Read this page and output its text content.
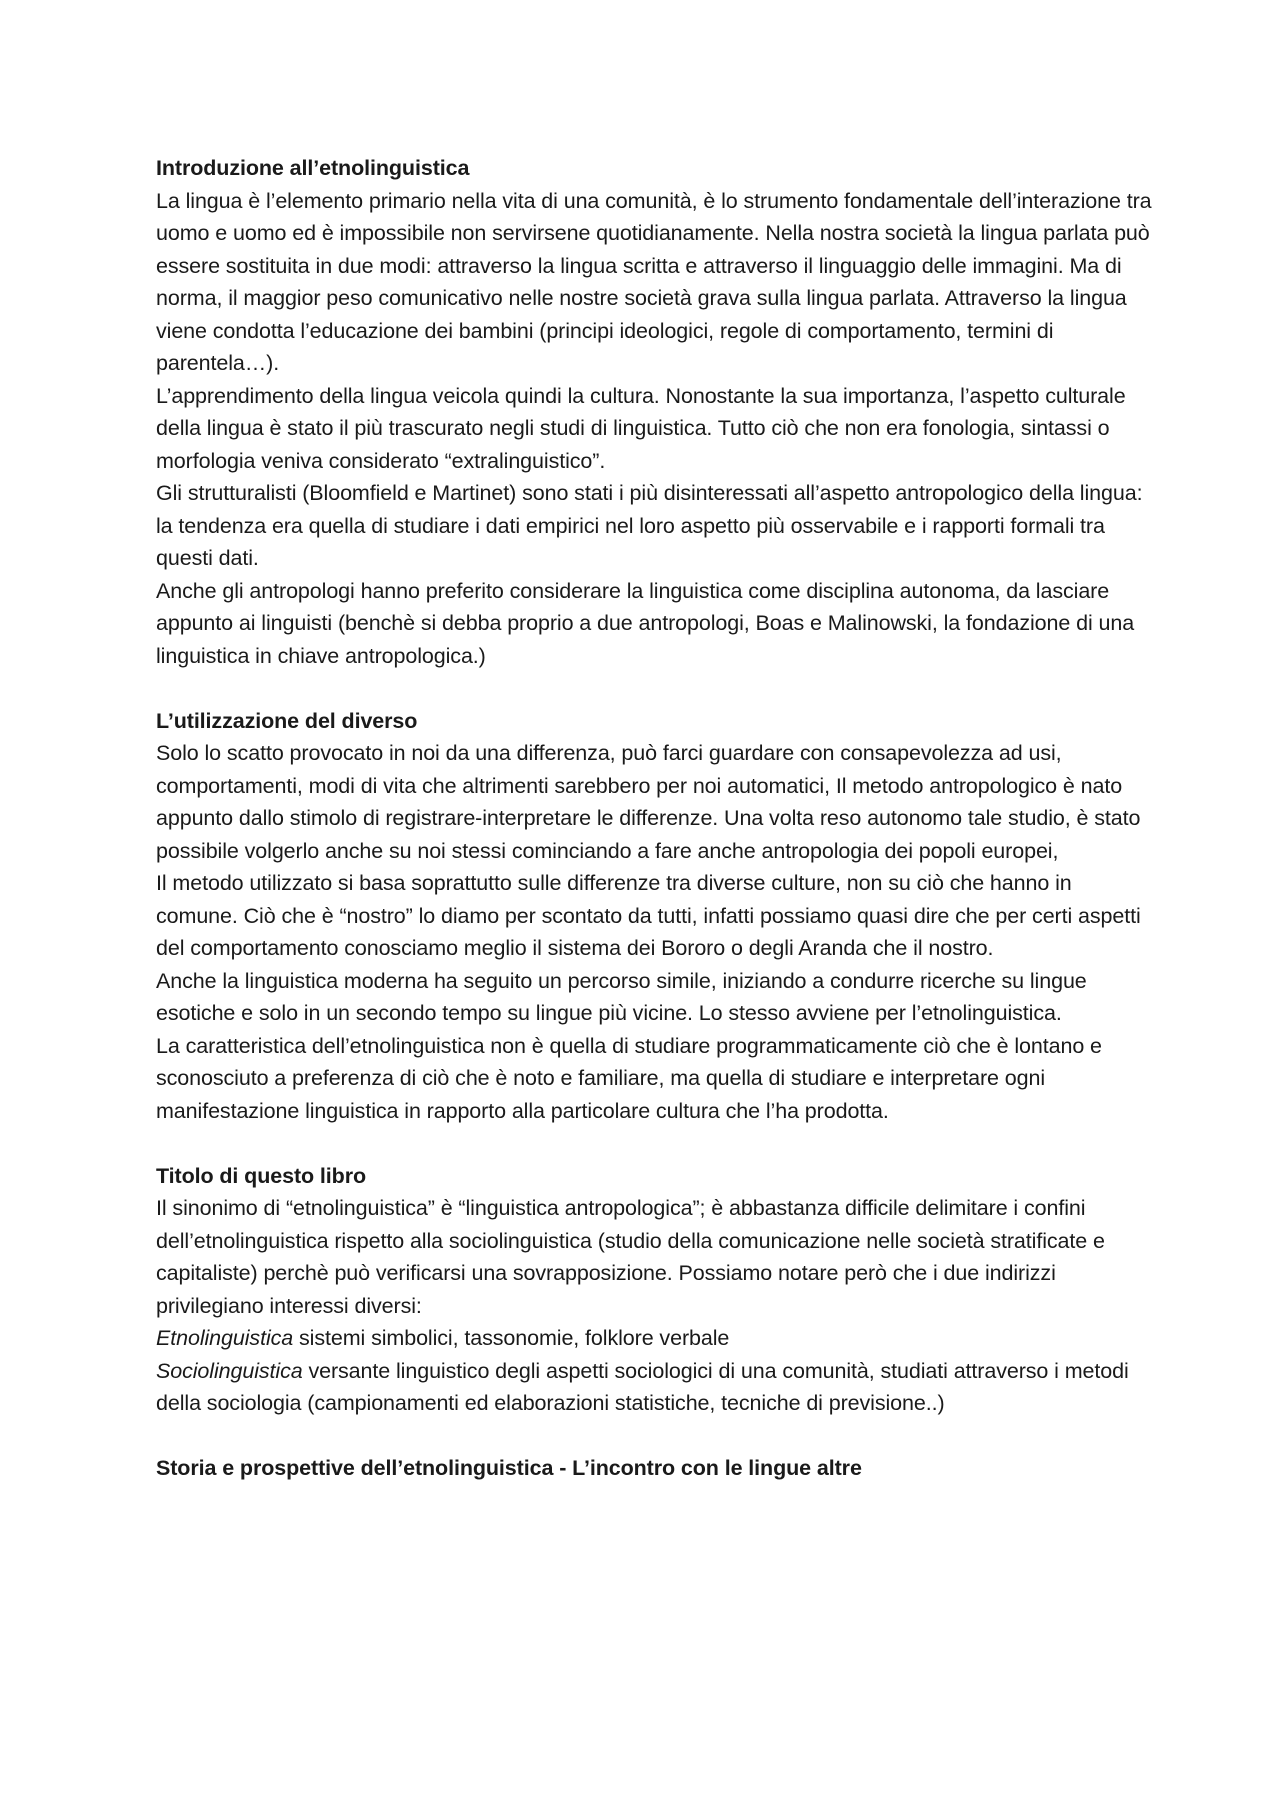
Introduzione all’etnolinguistica

La lingua è l’elemento primario nella vita di una comunità, è lo strumento fondamentale dell’interazione tra uomo e uomo ed è impossibile non servirsene quotidianamente. Nella nostra società la lingua parlata può essere sostituita in due modi: attraverso la lingua scritta e attraverso il linguaggio delle immagini. Ma di norma, il maggior peso comunicativo nelle nostre società grava sulla lingua parlata. Attraverso la lingua viene condotta l’educazione dei bambini (principi ideologici, regole di comportamento, termini di parentela…).

L’apprendimento della lingua veicola quindi la cultura. Nonostante la sua importanza, l’aspetto culturale della lingua è stato il più trascurato negli studi di linguistica. Tutto ciò che non era fonologia, sintassi o morfologia veniva considerato “extralinguistico”.

Gli strutturalisti (Bloomfield e Martinet) sono stati i più disinteressati all’aspetto antropologico della lingua: la tendenza era quella di studiare i dati empirici nel loro aspetto più osservabile e i rapporti formali tra questi dati.

Anche gli antropologi hanno preferito considerare la linguistica come disciplina autonoma, da lasciare appunto ai linguisti (benchè si debba proprio a due antropologi, Boas e Malinowski, la fondazione di una linguistica in chiave antropologica.)

L’utilizzazione del diverso

Solo lo scatto provocato in noi da una differenza, può farci guardare con consapevolezza ad usi, comportamenti, modi di vita che altrimenti sarebbero per noi automatici, Il metodo antropologico è nato appunto dallo stimolo di registrare-interpretare le differenze. Una volta reso autonomo tale studio, è stato possibile volgerlo anche su noi stessi cominciando a fare anche antropologia dei popoli europei,

Il metodo utilizzato si basa soprattutto sulle differenze tra diverse culture, non su ciò che hanno in comune. Ciò che è “nostro” lo diamo per scontato da tutti, infatti possiamo quasi dire che per certi aspetti del comportamento conosciamo meglio il sistema dei Bororo o degli Aranda che il nostro.

Anche la linguistica moderna ha seguito un percorso simile, iniziando a condurre ricerche su lingue esotiche e solo in un secondo tempo su lingue più vicine. Lo stesso avviene per l’etnolinguistica.

La caratteristica dell’etnolinguistica non è quella di studiare programmaticamente ciò che è lontano e sconosciuto a preferenza di ciò che è noto e familiare, ma quella di studiare e interpretare ogni manifestazione linguistica in rapporto alla particolare cultura che l’ha prodotta.

Titolo di questo libro

Il sinonimo di “etnolinguistica” è “linguistica antropologica”; è abbastanza difficile delimitare i confini dell’etnolinguistica rispetto alla sociolinguistica (studio della comunicazione nelle società stratificate e capitaliste) perchè può verificarsi una sovrapposizione. Possiamo notare però che i due indirizzi privilegiano interessi diversi:

Etnolinguistica sistemi simbolici, tassonomie, folklore verbale

Sociolinguistica versante linguistico degli aspetti sociologici di una comunità, studiati attraverso i metodi della sociologia (campionamenti ed elaborazioni statistiche, tecniche di previsione..)

Storia e prospettive dell’etnolinguistica - L’incontro con le lingue altre
